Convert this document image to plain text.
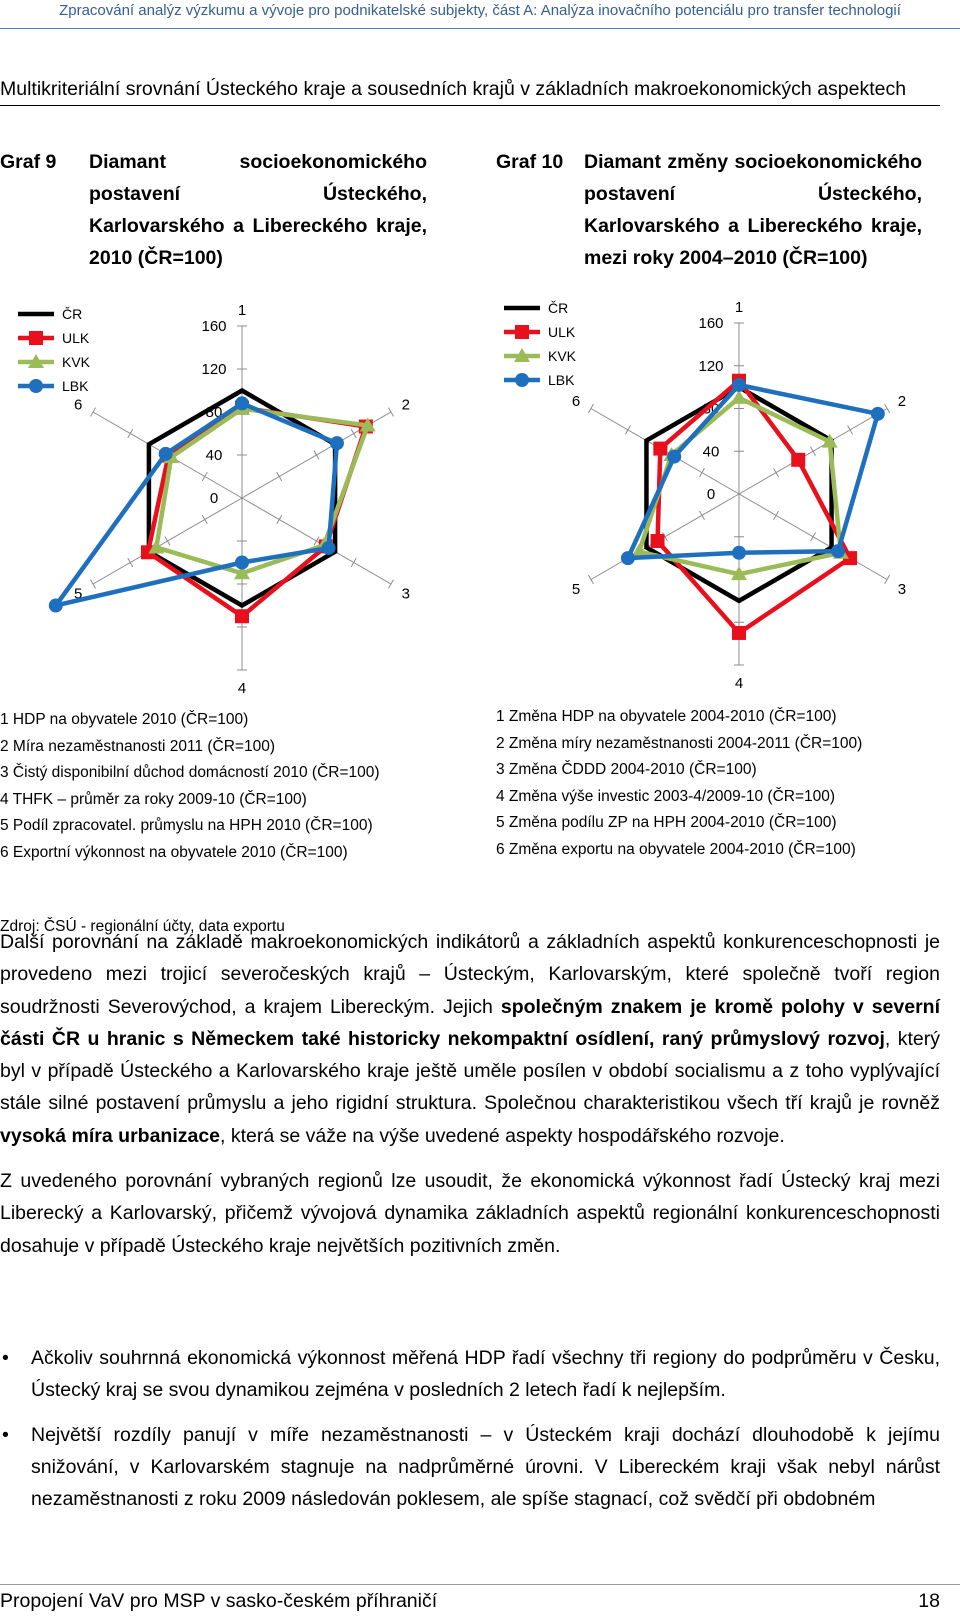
Zpracování analýz výzkumu a vývoje pro podnikatelské subjekty, část A: Analýza inovačního potenciálu pro transfer technologií
Multikriteriální srovnání Ústeckého kraje a sousedních krajů v základních makroekonomických aspektech
Graf 9 Diamant socioekonomického postavení Ústeckého, Karlovarského a Libereckého kraje, 2010 (ČR=100)
Graf 10 Diamant změny socioekonomického postavení Ústeckého, Karlovarského a Libereckého kraje, mezi roky 2004–2010 (ČR=100)
1
2
3
4
5
6
0
40
80
120
160
ČR
ULK
KVK
LBK
1
2
3
4
5
6
0
40
80
120
160
ČR
ULK
KVK
LBK
1 HDP na obyvatele 2010 (ČR=100)
2 Míra nezaměstnanosti 2011 (ČR=100)
3 Čistý disponibilní důchod domácností 2010 (ČR=100)
4 THFK – průměr za roky 2009-10 (ČR=100)
5 Podíl zpracovatel. průmyslu na HPH 2010 (ČR=100)
6 Exportní výkonnost na obyvatele 2010 (ČR=100)
1 Změna HDP na obyvatele 2004-2010 (ČR=100)
2 Změna míry nezaměstnanosti 2004-2011 (ČR=100)
3 Změna ČDDD 2004-2010 (ČR=100)
4 Změna výše investic 2003-4/2009-10 (ČR=100)
5 Změna podílu ZP na HPH 2004-2010 (ČR=100)
6 Změna exportu na obyvatele 2004-2010 (ČR=100)
Zdroj: ČSÚ - regionální účty, data exportu

Další porovnání na základě makroekonomických indikátorů a základních aspektů konkurenceschopnosti je provedeno mezi trojicí severočeských krajů – Ústeckým, Karlovarským, které společně tvoří region soudržnosti Severovýchod, a krajem Libereckým. Jejich společným znakem je kromě polohy v severní části ČR u hranic s Německem také historicky nekompaktní osídlení, raný průmyslový rozvoj, který byl v případě Ústeckého a Karlovarského kraje ještě uměle posílen v období socialismu a z toho vyplývající stále silné postavení průmyslu a jeho rigidní struktura. Společnou charakteristikou všech tří krajů je rovněž vysoká míra urbanizace, která se váže na výše uvedené aspekty hospodářského rozvoje.

Z uvedeného porovnání vybraných regionů lze usoudit, že ekonomická výkonnost řadí Ústecký kraj mezi Liberecký a Karlovarský, přičemž vývojová dynamika základních aspektů regionální konkurenceschopnosti dosahuje v případě Ústeckého kraje největších pozitivních změn.

• Ačkoliv souhrnná ekonomická výkonnost měřená HDP řadí všechny tři regiony do podprůměru v Česku, Ústecký kraj se svou dynamikou zejména v posledních 2 letech řadí k nejlepším.
• Největší rozdíly panují v míře nezaměstnanosti – v Ústeckém kraji dochází dlouhodobě k jejímu snižování, v Karlovarském stagnuje na nadprůměrné úrovni. V Libereckém kraji však nebyl nárůst nezaměstnanosti z roku 2009 následován poklesem, ale spíše stagnací, což svědčí při obdobném
Propojení VaV pro MSP v sasko-českém příhraničí	18
